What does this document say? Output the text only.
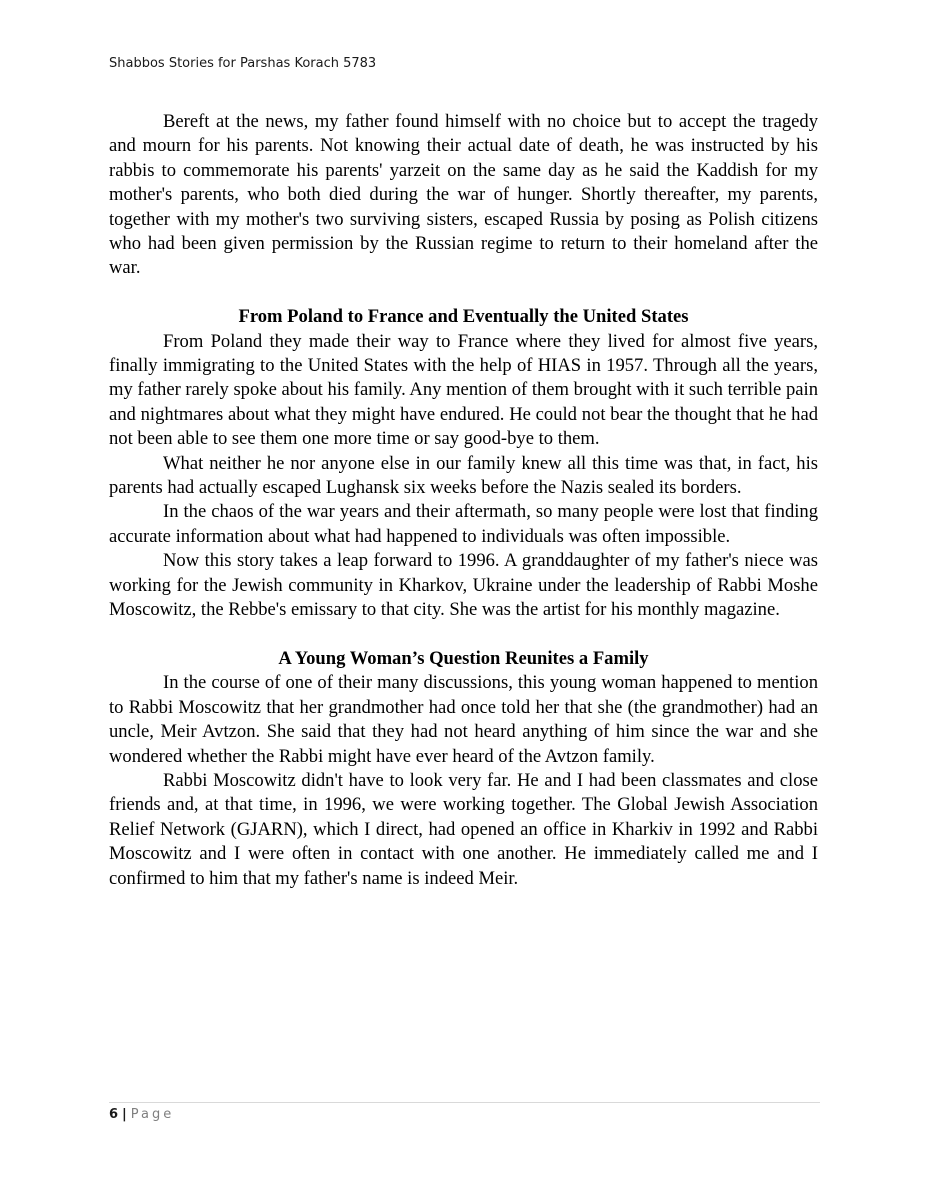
Shabbos Stories for Parshas Korach 5783

Bereft at the news, my father found himself with no choice but to accept the tragedy and mourn for his parents. Not knowing their actual date of death, he was instructed by his rabbis to commemorate his parents' yarzeit on the same day as he said the Kaddish for my mother's parents, who both died during the war of hunger. Shortly thereafter, my parents, together with my mother's two surviving sisters, escaped Russia by posing as Polish citizens who had been given permission by the Russian regime to return to their homeland after the war.

From Poland to France and Eventually the United States

From Poland they made their way to France where they lived for almost five years, finally immigrating to the United States with the help of HIAS in 1957. Through all the years, my father rarely spoke about his family. Any mention of them brought with it such terrible pain and nightmares about what they might have endured. He could not bear the thought that he had not been able to see them one more time or say good-bye to them.

What neither he nor anyone else in our family knew all this time was that, in fact, his parents had actually escaped Lughansk six weeks before the Nazis sealed its borders.

In the chaos of the war years and their aftermath, so many people were lost that finding accurate information about what had happened to individuals was often impossible.

Now this story takes a leap forward to 1996. A granddaughter of my father's niece was working for the Jewish community in Kharkov, Ukraine under the leadership of Rabbi Moshe Moscowitz, the Rebbe's emissary to that city. She was the artist for his monthly magazine.

A Young Woman’s Question Reunites a Family

In the course of one of their many discussions, this young woman happened to mention to Rabbi Moscowitz that her grandmother had once told her that she (the grandmother) had an uncle, Meir Avtzon. She said that they had not heard anything of him since the war and she wondered whether the Rabbi might have ever heard of the Avtzon family.

Rabbi Moscowitz didn't have to look very far. He and I had been classmates and close friends and, at that time, in 1996, we were working together. The Global Jewish Association Relief Network (GJARN), which I direct, had opened an office in Kharkiv in 1992 and Rabbi Moscowitz and I were often in contact with one another. He immediately called me and I confirmed to him that my father's name is indeed Meir.

6 | Page
